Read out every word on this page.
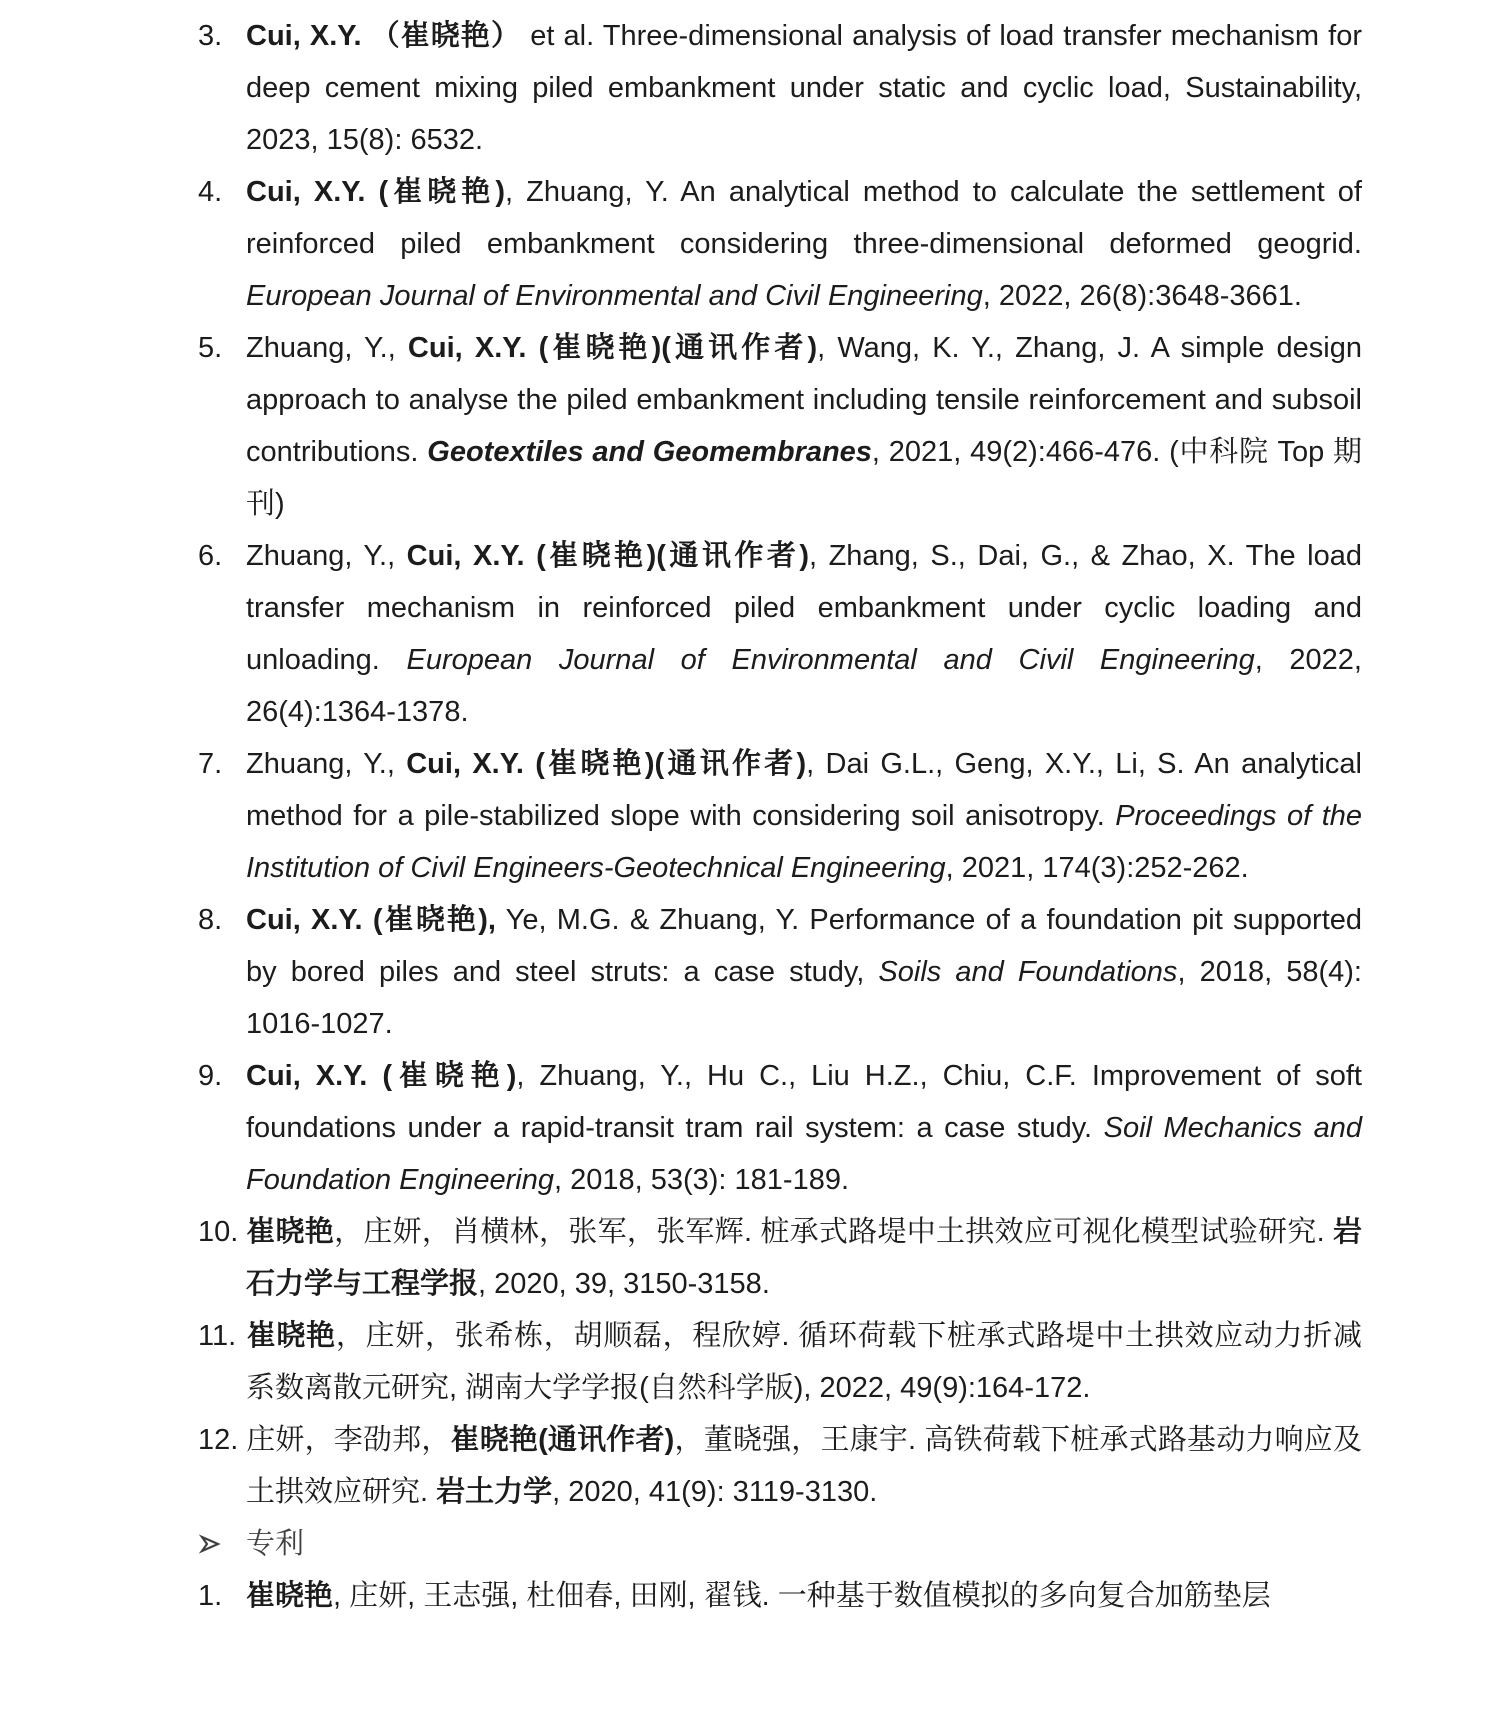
3. Cui, X.Y. （崔晓艳） et al. Three-dimensional analysis of load transfer mechanism for deep cement mixing piled embankment under static and cyclic load, Sustainability, 2023, 15(8): 6532.

4. Cui, X.Y. (崔晓艳), Zhuang, Y. An analytical method to calculate the settlement of reinforced piled embankment considering three-dimensional deformed geogrid. European Journal of Environmental and Civil Engineering, 2022, 26(8):3648-3661.

5. Zhuang, Y., Cui, X.Y. (崔晓艳)(通讯作者), Wang, K. Y., Zhang, J. A simple design approach to analyse the piled embankment including tensile reinforcement and subsoil contributions. Geotextiles and Geomembranes, 2021, 49(2):466-476. (中科院 Top 期刊)

6. Zhuang, Y., Cui, X.Y. (崔晓艳)(通讯作者), Zhang, S., Dai, G., & Zhao, X. The load transfer mechanism in reinforced piled embankment under cyclic loading and unloading. European Journal of Environmental and Civil Engineering, 2022, 26(4):1364-1378.

7. Zhuang, Y., Cui, X.Y. (崔晓艳)(通讯作者), Dai G.L., Geng, X.Y., Li, S. An analytical method for a pile-stabilized slope with considering soil anisotropy. Proceedings of the Institution of Civil Engineers-Geotechnical Engineering, 2021, 174(3):252-262.

8. Cui, X.Y. (崔晓艳), Ye, M.G. & Zhuang, Y. Performance of a foundation pit supported by bored piles and steel struts: a case study, Soils and Foundations, 2018, 58(4): 1016-1027.

9. Cui, X.Y. (崔晓艳), Zhuang, Y., Hu C., Liu H.Z., Chiu, C.F. Improvement of soft foundations under a rapid-transit tram rail system: a case study. Soil Mechanics and Foundation Engineering, 2018, 53(3): 181-189.

10. 崔晓艳，庄妍，肖横林，张军，张军辉. 桩承式路堤中土拱效应可视化模型试验研究. 岩石力学与工程学报, 2020, 39, 3150-3158.

11. 崔晓艳，庄妍，张希栋，胡顺磊，程欣婷. 循环荷载下桩承式路堤中土拱效应动力折减系数离散元研究, 湖南大学学报(自然科学版), 2022, 49(9):164-172.

12. 庄妍，李劭邦，崔晓艳(通讯作者)，董晓强，王康宇. 高铁荷载下桩承式路基动力响应及土拱效应研究. 岩土力学, 2020, 41(9): 3119-3130.

专利

1. 崔晓艳, 庄妍, 王志强, 杜佃春, 田刚, 翟钱. 一种基于数值模拟的多向复合加筋垫层
